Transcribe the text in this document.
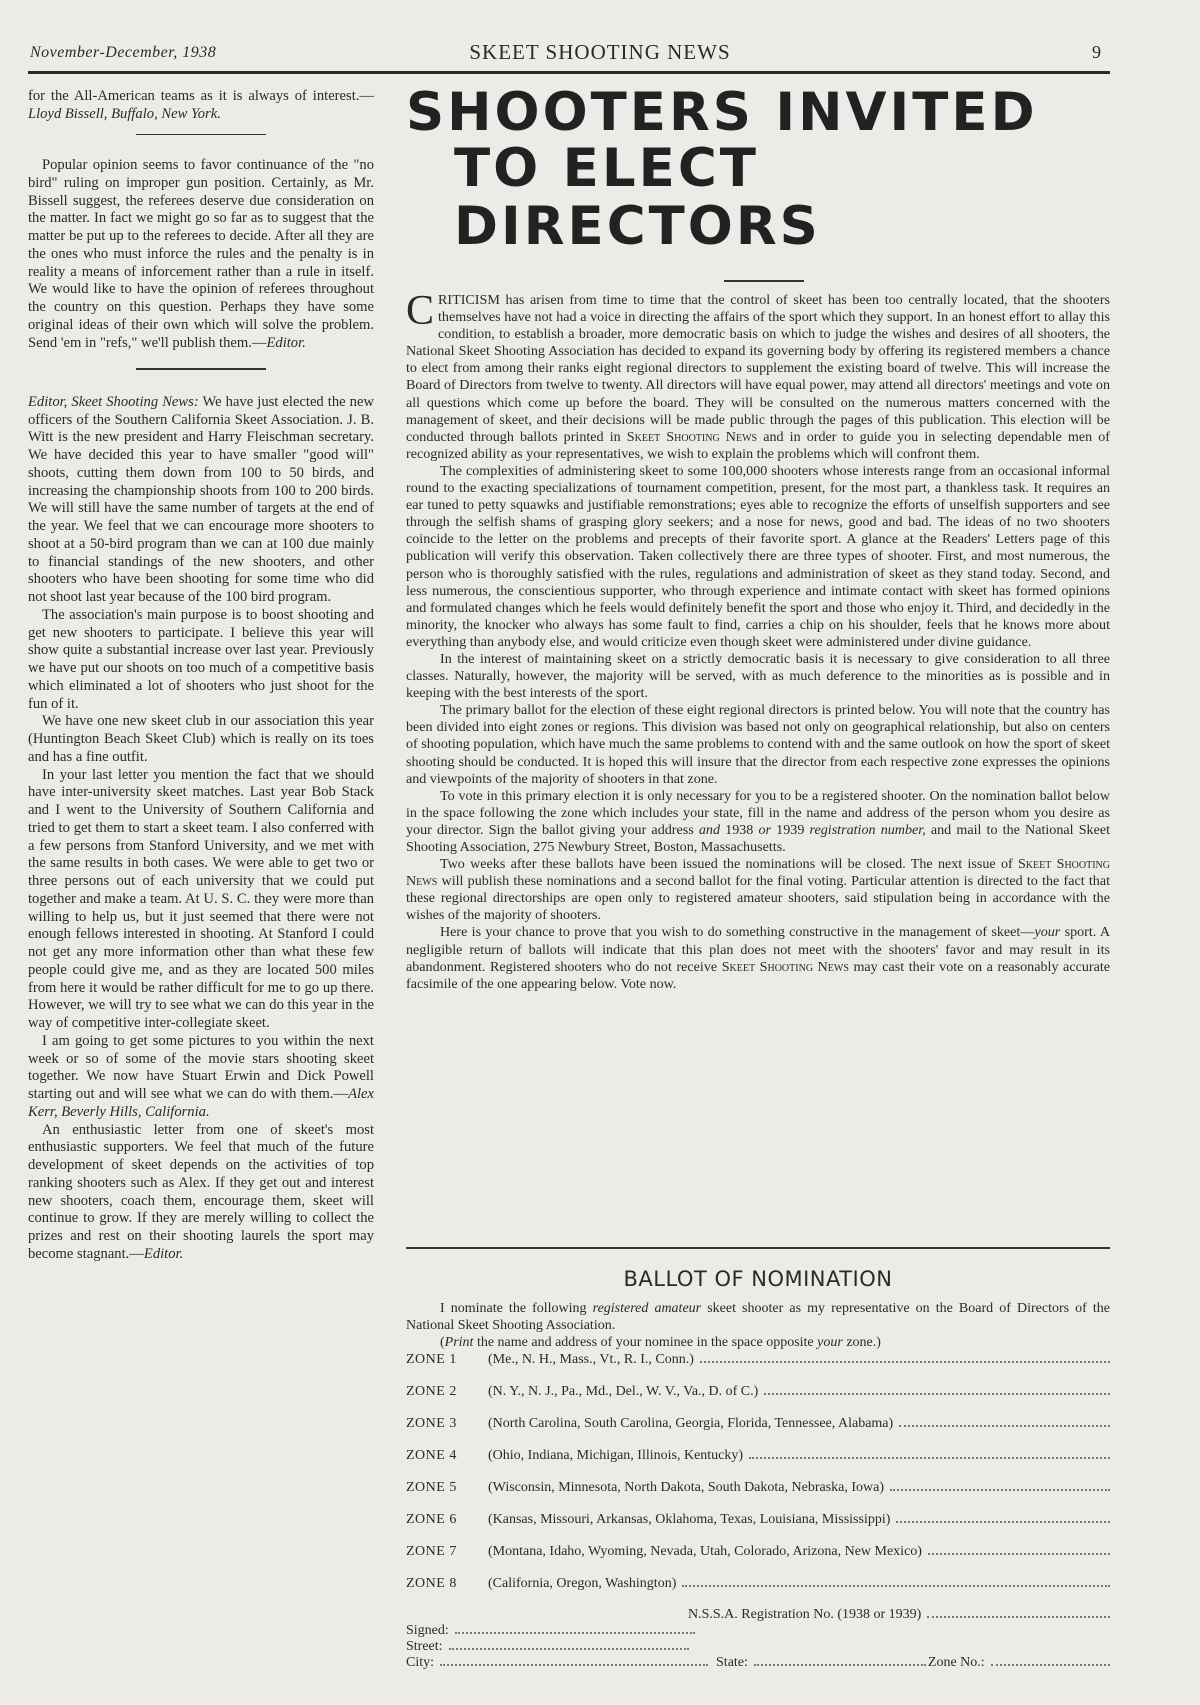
November-December, 1938	SKEET SHOOTING NEWS	9

for the All-American teams as it is always of interest.—Lloyd Bissell, Buffalo, New York.

Popular opinion seems to favor continuance of the "no bird" ruling on improper gun position. Certainly, as Mr. Bissell suggest, the referees deserve due consideration on the matter. In fact we might go so far as to suggest that the matter be put up to the referees to decide. After all they are the ones who must inforce the rules and the penalty is in reality a means of inforcement rather than a rule in itself. We would like to have the opinion of referees throughout the country on this question. Perhaps they have some original ideas of their own which will solve the problem. Send 'em in "refs," we'll publish them.—Editor.

Editor, Skeet Shooting News: We have just elected the new officers of the Southern California Skeet Association. J. B. Witt is the new president and Harry Fleischman secretary. We have decided this year to have smaller "good will" shoots, cutting them down from 100 to 50 birds, and increasing the championship shoots from 100 to 200 birds. We will still have the same number of targets at the end of the year. We feel that we can encourage more shooters to shoot at a 50-bird program than we can at 100 due mainly to financial standings of the new shooters, and other shooters who have been shooting for some time who did not shoot last year because of the 100 bird program.

The association's main purpose is to boost shooting and get new shooters to participate. I believe this year will show quite a substantial increase over last year. Previously we have put our shoots on too much of a competitive basis which eliminated a lot of shooters who just shoot for the fun of it.

We have one new skeet club in our association this year (Huntington Beach Skeet Club) which is really on its toes and has a fine outfit.

In your last letter you mention the fact that we should have inter-university skeet matches. Last year Bob Stack and I went to the University of Southern California and tried to get them to start a skeet team. I also conferred with a few persons from Stanford University, and we met with the same results in both cases. We were able to get two or three persons out of each university that we could put together and make a team. At U. S. C. they were more than willing to help us, but it just seemed that there were not enough fellows interested in shooting. At Stanford I could not get any more information other than what these few people could give me, and as they are located 500 miles from here it would be rather difficult for me to go up there. However, we will try to see what we can do this year in the way of competitive inter-collegiate skeet.

I am going to get some pictures to you within the next week or so of some of the movie stars shooting skeet together. We now have Stuart Erwin and Dick Powell starting out and will see what we can do with them.—Alex Kerr, Beverly Hills, California.

An enthusiastic letter from one of skeet's most enthusiastic supporters. We feel that much of the future development of skeet depends on the activities of top ranking shooters such as Alex. If they get out and interest new shooters, coach them, encourage them, skeet will continue to grow. If they are merely willing to collect the prizes and rest on their shooting laurels the sport may become stagnant.—Editor.

SHOOTERS INVITED
TO ELECT DIRECTORS

CRITICISM has arisen from time to time that the control of skeet has been too centrally located, that the shooters themselves have not had a voice in directing the affairs of the sport which they support. In an honest effort to allay this condition, to establish a broader, more democratic basis on which to judge the wishes and desires of all shooters, the National Skeet Shooting Association has decided to expand its governing body by offering its registered members a chance to elect from among their ranks eight regional directors to supplement the existing board of twelve. This will increase the Board of Directors from twelve to twenty. All directors will have equal power, may attend all directors' meetings and vote on all questions which come up before the board. They will be consulted on the numerous matters concerned with the management of skeet, and their decisions will be made public through the pages of this publication. This election will be conducted through ballots printed in Skeet Shooting News and in order to guide you in selecting dependable men of recognized ability as your representatives, we wish to explain the problems which will confront them.

The complexities of administering skeet to some 100,000 shooters whose interests range from an occasional informal round to the exacting specializations of tournament competition, present, for the most part, a thankless task. It requires an ear tuned to petty squawks and justifiable remonstrations; eyes able to recognize the efforts of unselfish supporters and see through the selfish shams of grasping glory seekers; and a nose for news, good and bad. The ideas of no two shooters coincide to the letter on the problems and precepts of their favorite sport. A glance at the Readers' Letters page of this publication will verify this observation. Taken collectively there are three types of shooter. First, and most numerous, the person who is thoroughly satisfied with the rules, regulations and administration of skeet as they stand today. Second, and less numerous, the conscientious supporter, who through experience and intimate contact with skeet has formed opinions and formulated changes which he feels would definitely benefit the sport and those who enjoy it. Third, and decidedly in the minority, the knocker who always has some fault to find, carries a chip on his shoulder, feels that he knows more about everything than anybody else, and would criticize even though skeet were administered under divine guidance.

In the interest of maintaining skeet on a strictly democratic basis it is necessary to give consideration to all three classes. Naturally, however, the majority will be served, with as much deference to the minorities as is possible and in keeping with the best interests of the sport.

The primary ballot for the election of these eight regional directors is printed below. You will note that the country has been divided into eight zones or regions. This division was based not only on geographical relationship, but also on centers of shooting population, which have much the same problems to contend with and the same outlook on how the sport of skeet shooting should be conducted. It is hoped this will insure that the director from each respective zone expresses the opinions and viewpoints of the majority of shooters in that zone.

To vote in this primary election it is only necessary for you to be a registered shooter. On the nomination ballot below in the space following the zone which includes your state, fill in the name and address of the person whom you desire as your director. Sign the ballot giving your address and 1938 or 1939 registration number, and mail to the National Skeet Shooting Association, 275 Newbury Street, Boston, Massachusetts.

Two weeks after these ballots have been issued the nominations will be closed. The next issue of Skeet Shooting News will publish these nominations and a second ballot for the final voting. Particular attention is directed to the fact that these regional directorships are open only to registered amateur shooters, said stipulation being in accordance with the wishes of the majority of shooters.

Here is your chance to prove that you wish to do something constructive in the management of skeet—your sport. A negligible return of ballots will indicate that this plan does not meet with the shooters' favor and may result in its abandonment. Registered shooters who do not receive Skeet Shooting News may cast their vote on a reasonably accurate facsimile of the one appearing below. Vote now.

BALLOT OF NOMINATION

I nominate the following registered amateur skeet shooter as my representative on the Board of Directors of the National Skeet Shooting Association.

(Print the name and address of your nominee in the space opposite your zone.)

ZONE 1	(Me., N. H., Mass., Vt., R. I., Conn.)
ZONE 2	(N. Y., N. J., Pa., Md., Del., W. V., Va., D. of C.)
ZONE 3	(North Carolina, South Carolina, Georgia, Florida, Tennessee, Alabama)
ZONE 4	(Ohio, Indiana, Michigan, Illinois, Kentucky)
ZONE 5	(Wisconsin, Minnesota, North Dakota, South Dakota, Nebraska, Iowa)
ZONE 6	(Kansas, Missouri, Arkansas, Oklahoma, Texas, Louisiana, Mississippi)
ZONE 7	(Montana, Idaho, Wyoming, Nevada, Utah, Colorado, Arizona, New Mexico)
ZONE 8	(California, Oregon, Washington)
N.S.S.A. Registration No. (1938 or 1939)
Signed:
Street:
City:	State:	Zone No.:
